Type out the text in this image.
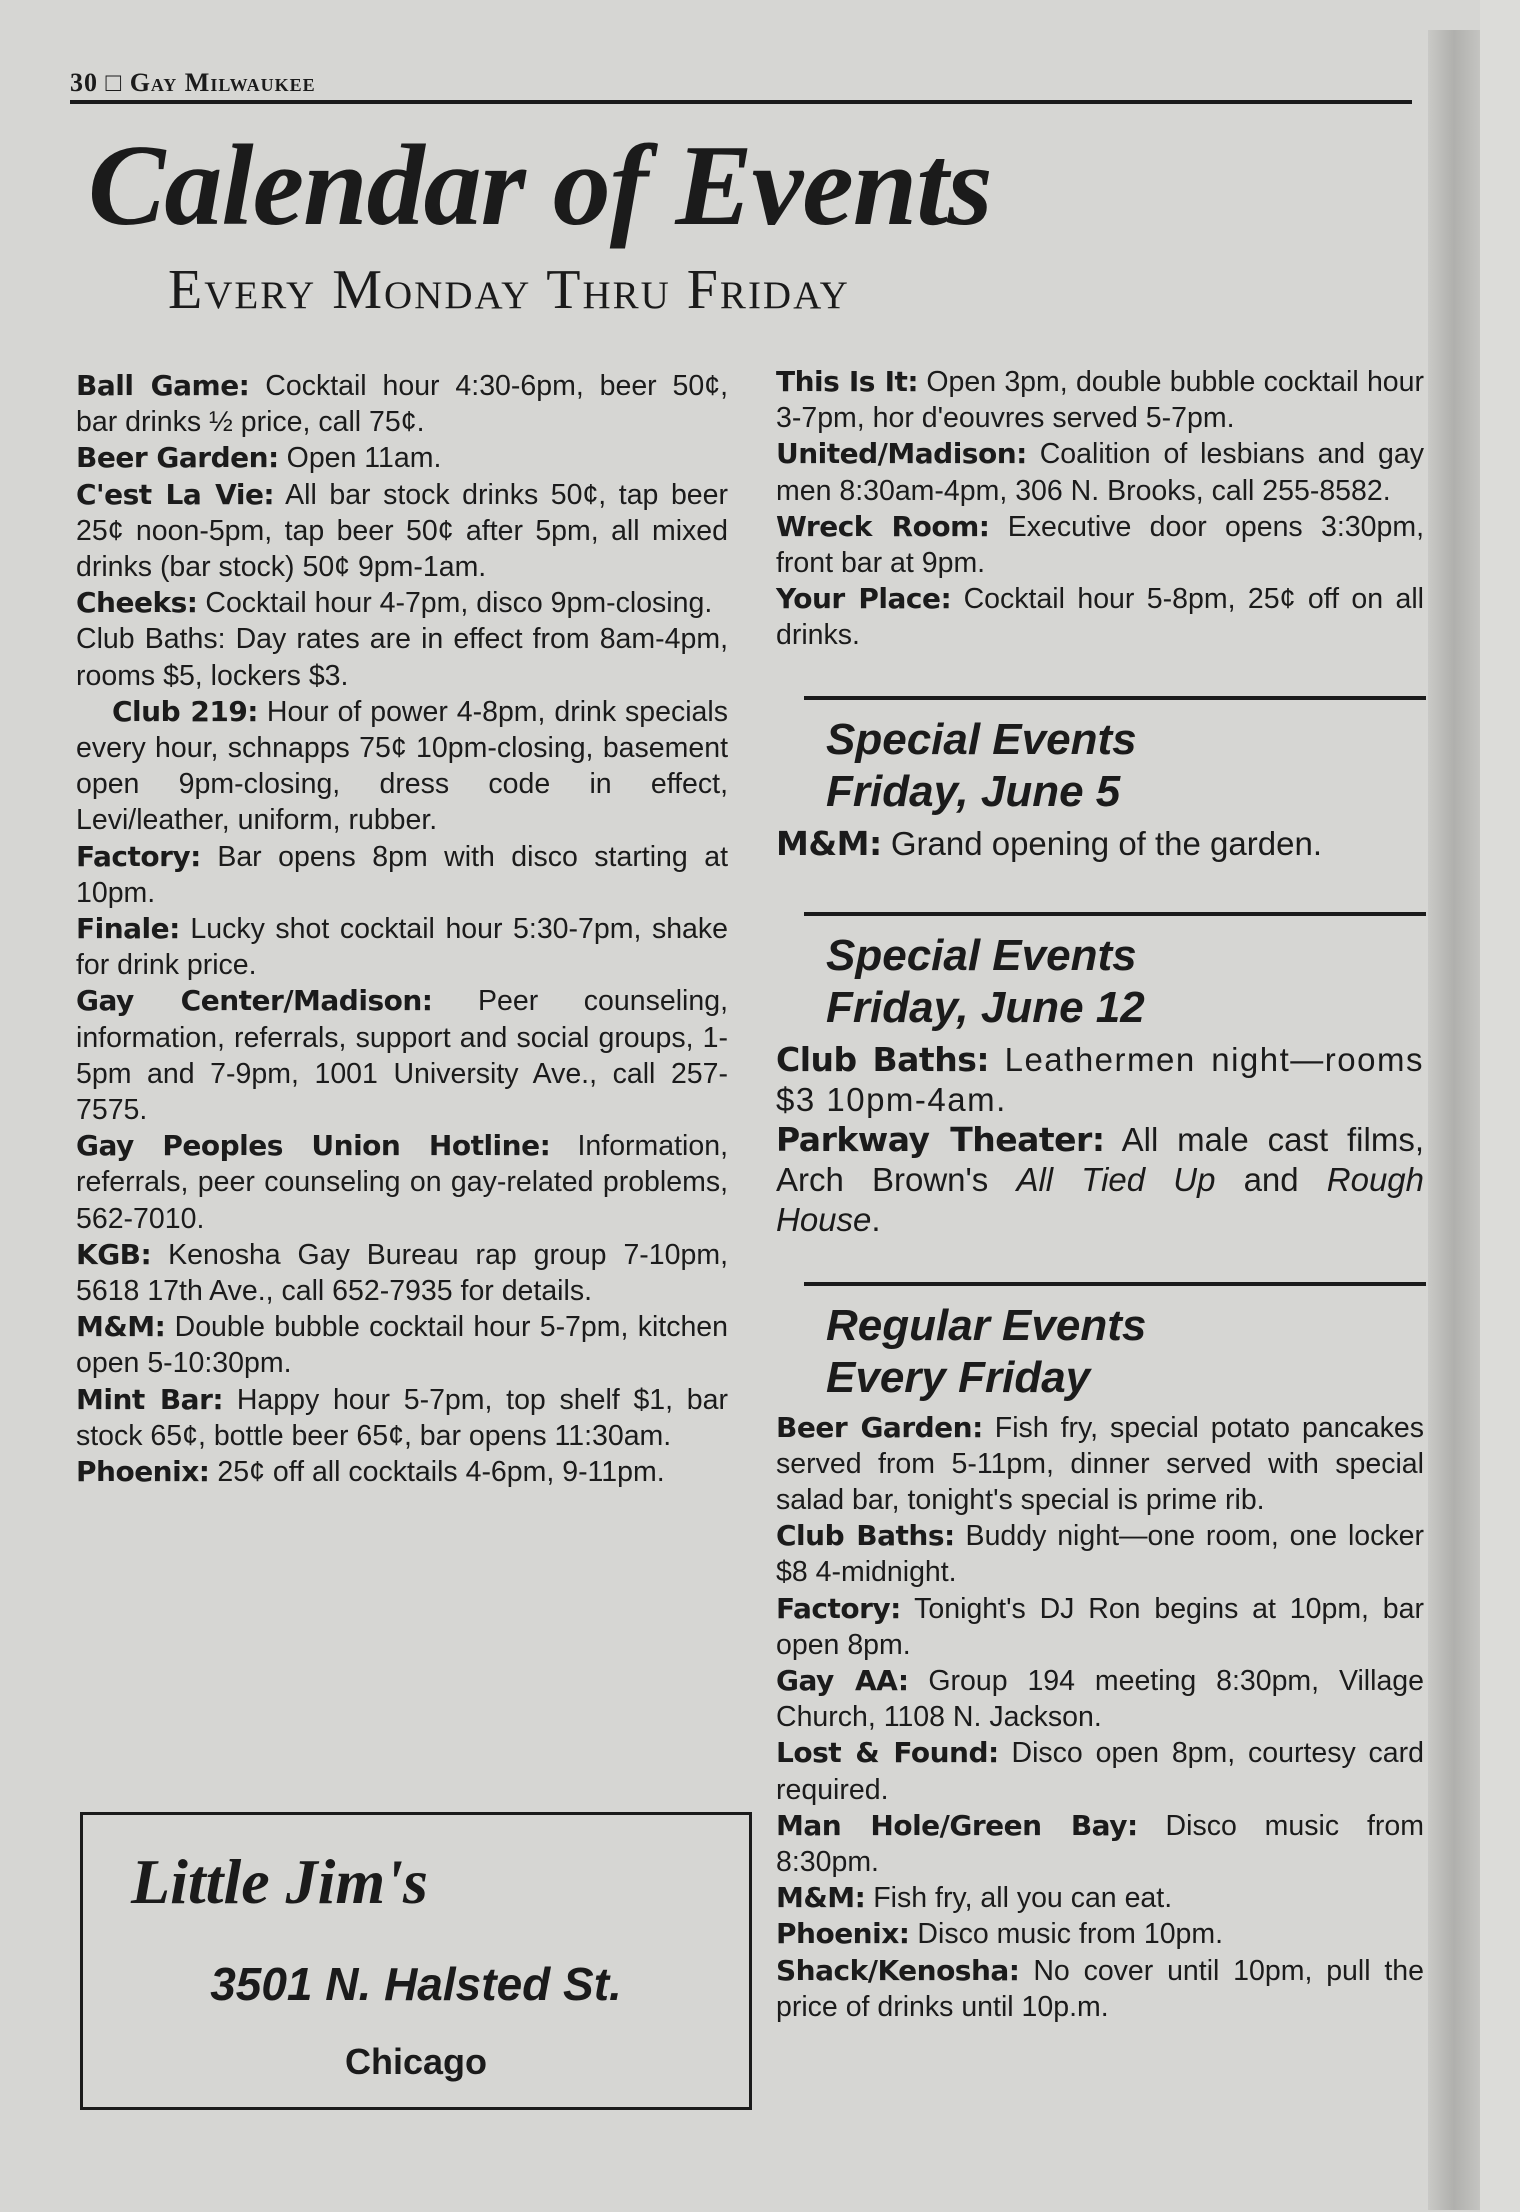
30 □ Gay Milwaukee
Calendar of Events
Every Monday Thru Friday

Ball Game: Cocktail hour 4:30-6pm, beer 50¢, bar drinks ½ price, call 75¢.

Beer Garden: Open 11am.

C'est La Vie: All bar stock drinks 50¢, tap beer 25¢ noon-5pm, tap beer 50¢ after 5pm, all mixed drinks (bar stock) 50¢ 9pm-1am.

Cheeks: Cocktail hour 4-7pm, disco 9pm-closing.

Club Baths: Day rates are in effect from 8am-4pm, rooms $5, lockers $3.

Club 219: Hour of power 4-8pm, drink specials every hour, schnapps 75¢ 10pm-closing, basement open 9pm-closing, dress code in effect, Levi/leather, uniform, rubber.

Factory: Bar opens 8pm with disco starting at 10pm.

Finale: Lucky shot cocktail hour 5:30-7pm, shake for drink price.

Gay Center/Madison: Peer counseling, information, referrals, support and social groups, 1-5pm and 7-9pm, 1001 University Ave., call 257-7575.

Gay Peoples Union Hotline: Information, referrals, peer counseling on gay-related problems, 562-7010.

KGB: Kenosha Gay Bureau rap group 7-10pm, 5618 17th Ave., call 652-7935 for details.

M&M: Double bubble cocktail hour 5-7pm, kitchen open 5-10:30pm.

Mint Bar: Happy hour 5-7pm, top shelf $1, bar stock 65¢, bottle beer 65¢, bar opens 11:30am.

Phoenix: 25¢ off all cocktails 4-6pm, 9-11pm.

This Is It: Open 3pm, double bubble cocktail hour 3-7pm, hor d'eouvres served 5-7pm.

United/Madison: Coalition of lesbians and gay men 8:30am-4pm, 306 N. Brooks, call 255-8582.

Wreck Room: Executive door opens 3:30pm, front bar at 9pm.

Your Place: Cocktail hour 5-8pm, 25¢ off on all drinks.

Special Events
Friday, June 5

M&M: Grand opening of the garden.

Special Events
Friday, June 12

Club Baths: Leathermen night—rooms $3 10pm-4am.

Parkway Theater: All male cast films, Arch Brown's All Tied Up and Rough House.

Regular Events
Every Friday

Beer Garden: Fish fry, special potato pancakes served from 5-11pm, dinner served with special salad bar, tonight's special is prime rib.

Club Baths: Buddy night—one room, one locker $8 4-midnight.

Factory: Tonight's DJ Ron begins at 10pm, bar open 8pm.

Gay AA: Group 194 meeting 8:30pm, Village Church, 1108 N. Jackson.

Lost & Found: Disco open 8pm, courtesy card required.

Man Hole/Green Bay: Disco music from 8:30pm.

M&M: Fish fry, all you can eat.

Phoenix: Disco music from 10pm.

Shack/Kenosha: No cover until 10pm, pull the price of drinks until 10p.m.

Little Jim's
3501 N. Halsted St.
Chicago
